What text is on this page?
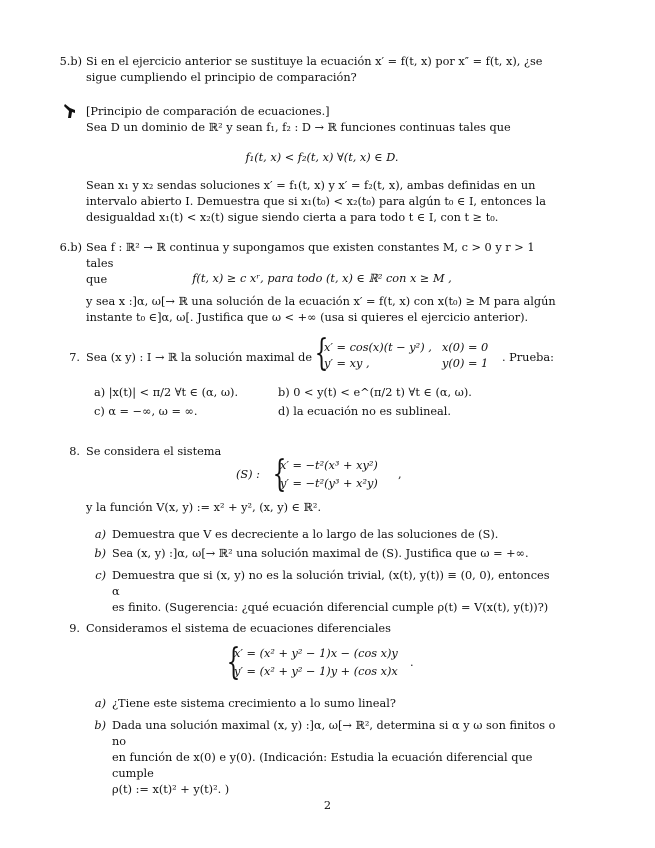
5.b) Si en el ejercicio anterior se sustituye la ecuación x′ = f(t, x) por x″ = f(t, x), ¿se

sigue cumpliendo el principio de comparación?

[Principio de comparación de ecuaciones.]

Sea D un dominio de ℝ² y sean f₁, f₂ : D → ℝ funciones continuas tales que

f₁(t, x) < f₂(t, x) ∀(t, x) ∈ D.

Sean x₁ y x₂ sendas soluciones x′ = f₁(t, x) y x′ = f₂(t, x), ambas definidas en un

intervalo abierto I. Demuestra que si x₁(t₀) < x₂(t₀) para algún t₀ ∈ I, entonces la

desigualdad x₁(t) < x₂(t) sigue siendo cierta a para todo t ∈ I, con t ≥ t₀.

6.b) Sea f : ℝ² → ℝ continua y supongamos que existen constantes M, c > 0 y r > 1 tales

que	f(t, x) ≥ c xʳ, para todo (t, x) ∈ ℝ² con x ≥ M ,

y sea x :]α, ω[→ ℝ una solución de la ecuación x′ = f(t, x) con x(t₀) ≥ M para algún

instante t₀ ∈]α, ω[. Justifica que ω < +∞ (usa si quieres el ejercicio anterior).

7. Sea (x y) : I → ℝ la solución maximal de {
x′ = cos(x)(t − y²) ,
y′ = xy ,
x(0) = 0
y(0) = 1 . Prueba:
a) |x(t)| < π/2 ∀t ∈ (α, ω).	b) 0 < y(t) < e^(π/2 t) ∀t ∈ (α, ω).
c) α = −∞, ω = ∞.	d) la ecuación no es sublineal.
8. Se considera el sistema
(S) : {
x′ = −t²(x³ + xy²)
y′ = −t²(y³ + x²y)
,
y la función V(x, y) := x² + y², (x, y) ∈ ℝ².
a) Demuestra que V es decreciente a lo largo de las soluciones de (S).
b) Sea (x, y) :]α, ω[→ ℝ² una solución maximal de (S). Justifica que ω = +∞.
c) Demuestra que si (x, y) no es la solución trivial, (x(t), y(t)) ≡ (0, 0), entonces α

es finito. (Sugerencia: ¿qué ecuación diferencial cumple ρ(t) = V(x(t), y(t))?)

9. Consideramos el sistema de ecuaciones diferenciales
{
x′ = (x² + y² − 1)x − (cos x)y
y′ = (x² + y² − 1)y + (cos x)x
.
a) ¿Tiene este sistema crecimiento a lo sumo lineal?
b) Dada una solución maximal (x, y) :]α, ω[→ ℝ², determina si α y ω son finitos o no

en función de x(0) e y(0). (Indicación: Estudia la ecuación diferencial que cumple

ρ(t) := x(t)² + y(t)². )

2
